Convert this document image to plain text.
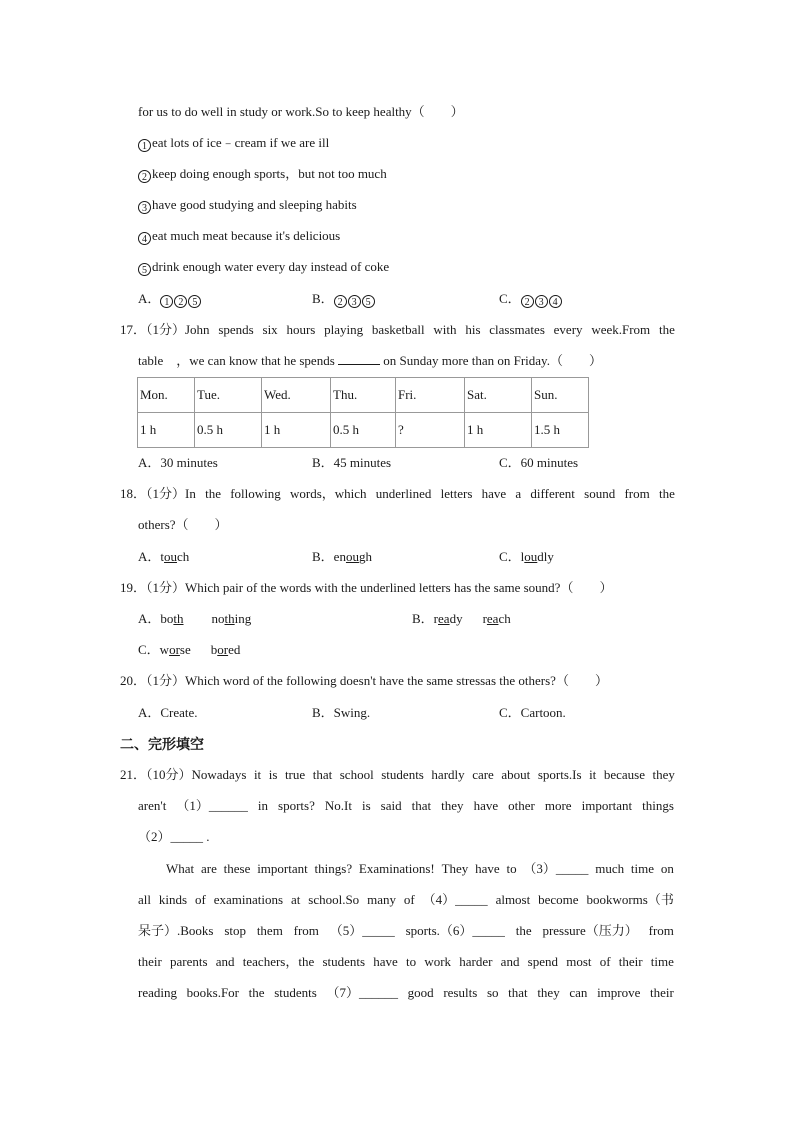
for us to do well in study or work.So to keep healthy（　　）
1 eat lots of ice﹣cream if we are ill
2 keep doing enough sports，but not too much
3 have good studying and sleeping habits
4 eat much meat because it's delicious
5 drink enough water every day instead of coke
A． 1 2 5	B． 2 3 5	C． 2 3 4
17．（1分）John spends six hours playing basketball with his classmates every week.From the
table　，we can know that he spends	on Sunday more than on Friday.（　　）
Mon.	Tue.	Wed.	Thu.	Fri.	Sat.	Sun.
1 h	0.5 h	1 h	0.5 h	?	1 h	1.5 h
A．30 minutes	B．45 minutes	C．60 minutes
18．（1分）In the following words，which underlined letters have a different sound from the
others?（　　）
A．touch	B．enough	C．loudly
19．（1分）Which pair of the words with the underlined letters has the same sound?（　　）
A．both nothing	B．ready reach
C．worse bored
20．（1分）Which word of the following doesn't have the same stressas the others?（　　）
A．Create.	B．Swing.	C．Cartoon.
二、完形填空
21．（10分）Nowadays it is true that school students hardly care about sports.Is it because they
aren't （1）______ in sports? No.It is said that they have other more important things
（2）_____ .
What are these important things? Examinations! They have to （3）_____ much time on
all kinds of examinations at school.So many of （4）_____ almost become bookworms（书
呆子）.Books stop them from （5）_____ sports.（6）_____ the pressure（压力） from
their parents and teachers，the students have to work harder and spend most of their time
reading books.For the students （7）______ good results so that they can improve their
